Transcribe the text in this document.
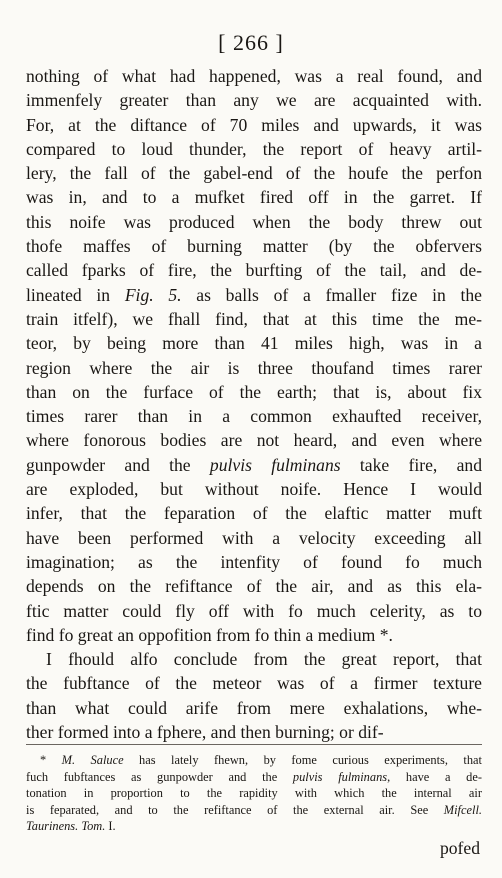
[ 266 ]
nothing of what had happened, was a real found, and
immenfely greater than any we are acquainted with.
For, at the diftance of 70 miles and upwards, it was
compared to loud thunder, the report of heavy artil-
lery, the fall of the gabel-end of the houfe the perfon
was in, and to a mufket fired off in the garret. If
this noife was produced when the body threw out
thofe maffes of burning matter (by the obfervers
called fparks of fire, the burfting of the tail, and de-
lineated in Fig. 5. as balls of a fmaller fize in the
train itfelf), we fhall find, that at this time the me-
teor, by being more than 41 miles high, was in a
region where the air is three thoufand times rarer
than on the furface of the earth; that is, about fix
times rarer than in a common exhaufted receiver,
where fonorous bodies are not heard, and even where
gunpowder and the pulvis fulminans take fire, and
are exploded, but without noife. Hence I would
infer, that the feparation of the elaftic matter muft
have been performed with a velocity exceeding all
imagination; as the intenfity of found fo much
depends on the refiftance of the air, and as this ela-
ftic matter could fly off with fo much celerity, as to
find fo great an oppofition from fo thin a medium *.
I fhould alfo conclude from the great report, that
the fubftance of the meteor was of a firmer texture
than what could arife from mere exhalations, whe-
ther formed into a fphere, and then burning; or dif-
* M. Saluce has lately fhewn, by fome curious experiments, that
fuch fubftances as gunpowder and the pulvis fulminans, have a de-
tonation in proportion to the rapidity with which the internal air
is feparated, and to the refiftance of the external air. See Mifcell.
Taurinens. Tom. I.
pofed
